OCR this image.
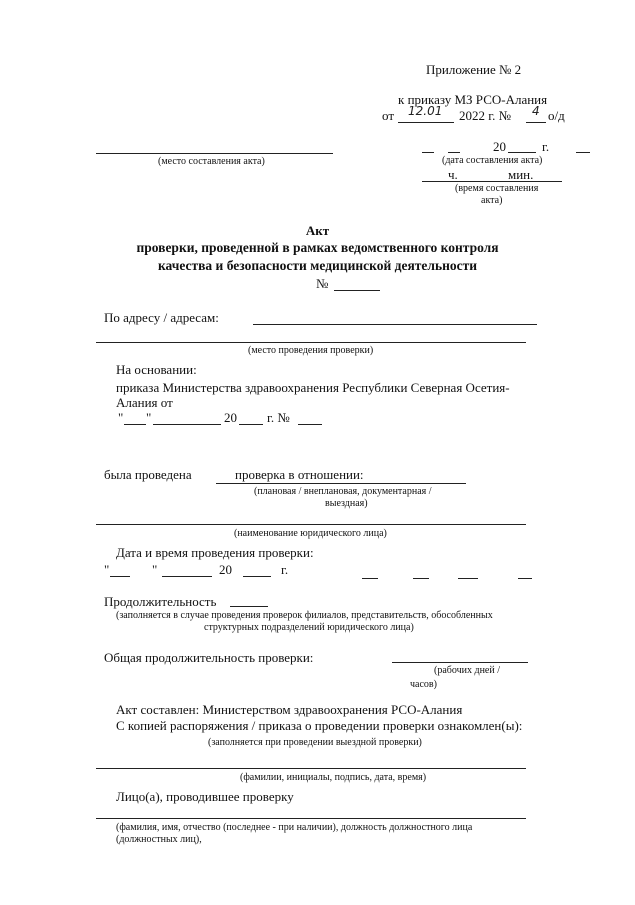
Приложение № 2
к приказу МЗ РСО-Алания
от 12.01 2022 г. № 4 о/д
(место составления акта)
20	г.
(дата составления акта)
ч.	мин.
(время составления
акта)
Акт
проверки, проведенной в рамках ведомственного контроля
качества и безопасности медицинской деятельности
№
По адресу / адресам:
(место проведения проверки)
На основании:
приказа Министерства здравоохранения Республики Северная Осетия-
Алания от
" "	20 г. №
была проведена	проверка в отношении:
(плановая / внеплановая, документарная /
выездная)
(наименование юридического лица)
Дата и время проведения проверки:
"	"	20	г.
Продолжительность
(заполняется в случае проведения проверок филиалов, представительств, обособленных
структурных подразделений юридического лица)
Общая продолжительность проверки:
(рабочих дней /
часов)
Акт составлен: Министерством здравоохранения РСО-Алания
С копией распоряжения / приказа о проведении проверки ознакомлен(ы):
(заполняется при проведении выездной проверки)
(фамилии, инициалы, подпись, дата, время)
Лицо(а), проводившее проверку
(фамилия, имя, отчество (последнее - при наличии), должность должностного лица
(должностных лиц),
